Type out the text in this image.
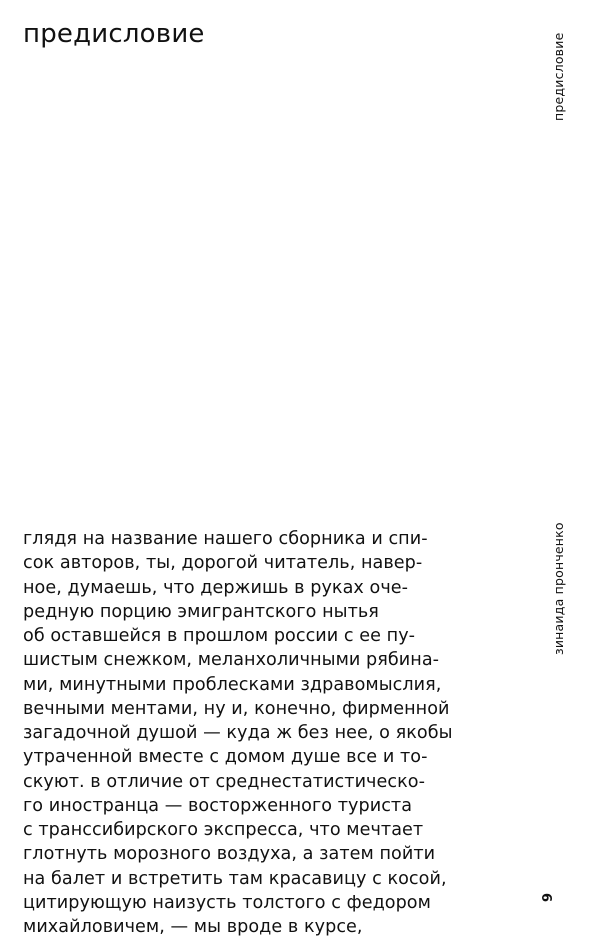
предисловие	предисловие
зинаида пронченко
6
глядя на название нашего сборника и спи-
сок авторов, ты, дорогой читатель, навер-
ное, думаешь, что держишь в руках оче-
редную порцию эмигрантского нытья
об оставшейся в прошлом россии с ее пу-
шистым снежком, меланхоличными рябина-
ми, минутными проблесками здравомыслия,
вечными ментами, ну и, конечно, фирменной
загадочной душой — куда ж без нее, о якобы
утраченной вместе с домом душе все и то-
скуют. в отличие от среднестатистическо-
го иностранца — восторженного туриста
с транссибирского экспресса, что мечтает
глотнуть морозного воздуха, а затем пойти
на балет и встретить там красавицу с косой,
цитирующую наизусть толстого с федором
михайловичем, — мы вроде в курсе,
